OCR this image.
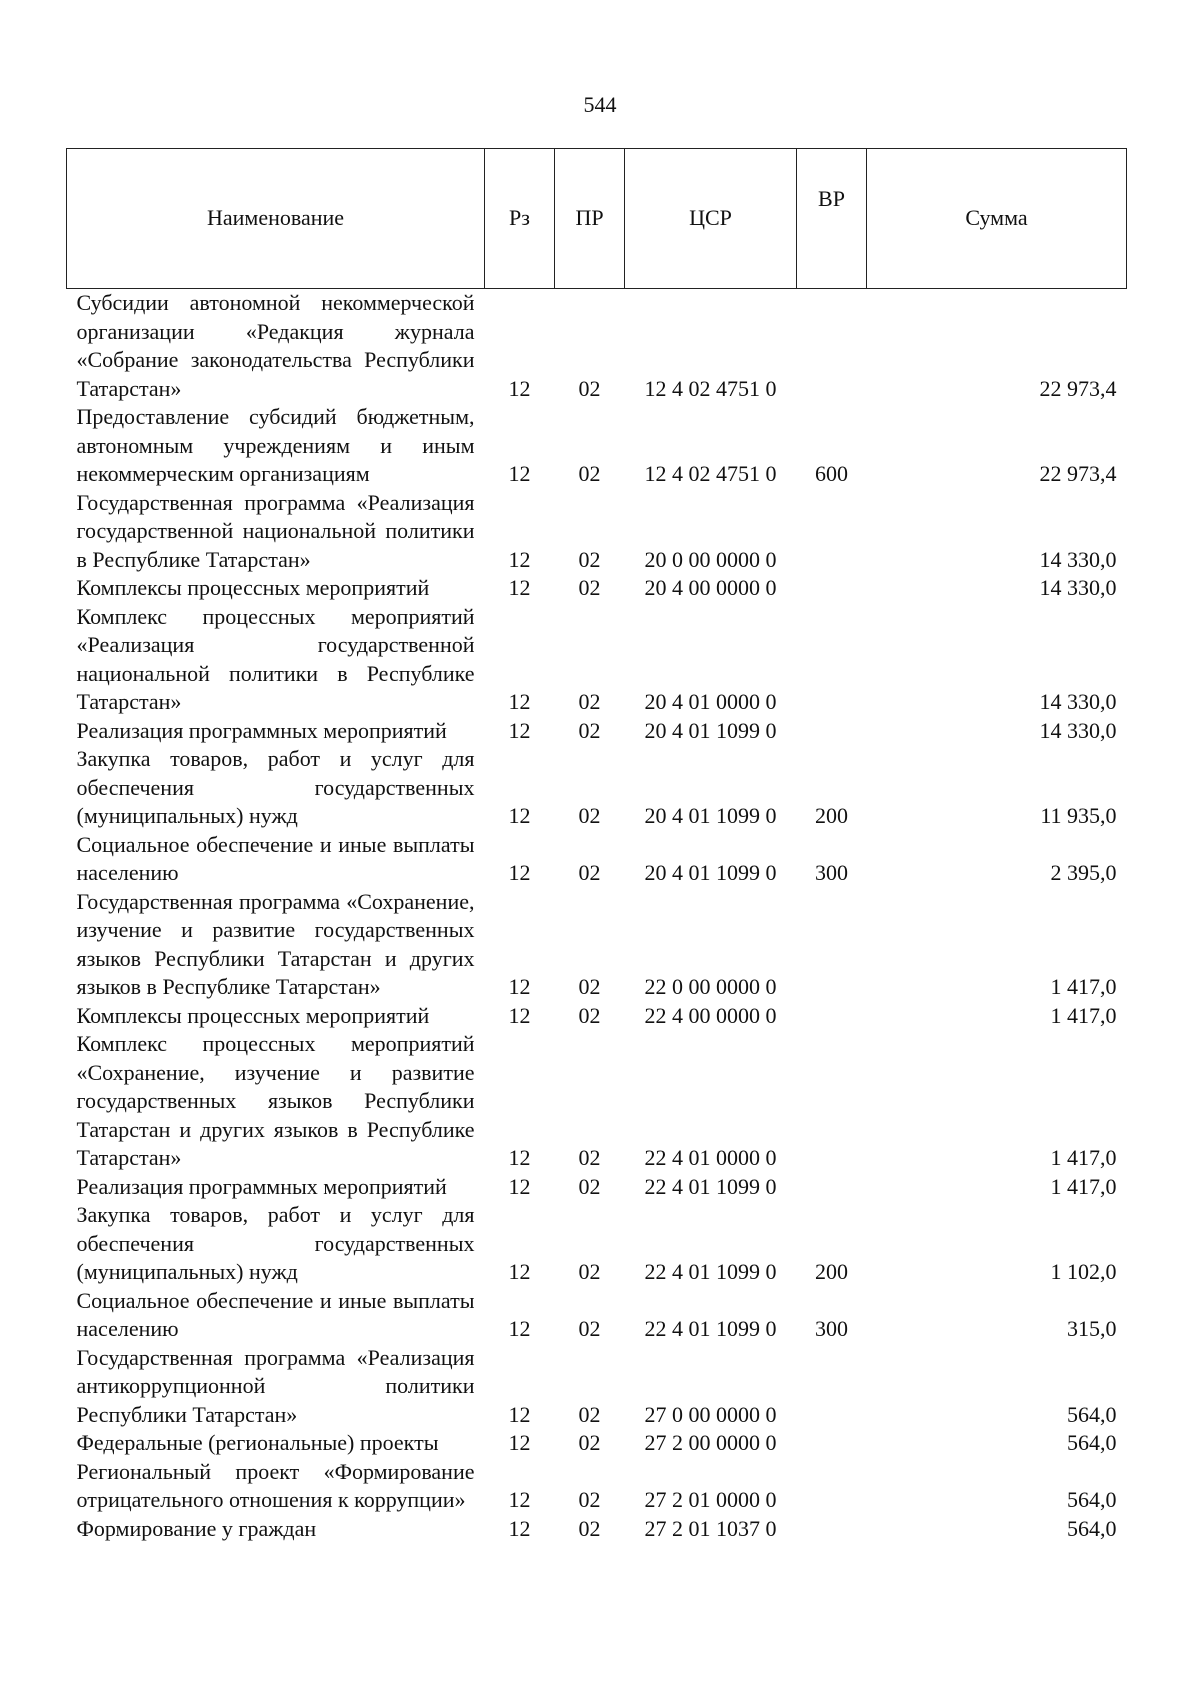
544
Наименование	Рз	ПР	ЦСР	ВР	Сумма
Субсидии автономной некоммерческой организации «Редакция журнала «Собрание законодательства Республики Татарстан»	12	02	12 4 02 4751 0		22 973,4
Предоставление субсидий бюджетным, автономным учреждениям и иным некоммерческим организациям	12	02	12 4 02 4751 0	600	22 973,4
Государственная программа «Реализация государственной национальной политики в Республике Татарстан»	12	02	20 0 00 0000 0		14 330,0
Комплексы процессных мероприятий	12	02	20 4 00 0000 0		14 330,0
Комплекс процессных мероприятий «Реализация государственной национальной политики в Республике Татарстан»	12	02	20 4 01 0000 0		14 330,0
Реализация программных мероприятий	12	02	20 4 01 1099 0		14 330,0
Закупка товаров, работ и услуг для обеспечения государственных (муниципальных) нужд	12	02	20 4 01 1099 0	200	11 935,0
Социальное обеспечение и иные выплаты населению	12	02	20 4 01 1099 0	300	2 395,0
Государственная программа «Сохранение, изучение и развитие государственных языков Республики Татарстан и других языков в Республике Татарстан»	12	02	22 0 00 0000 0		1 417,0
Комплексы процессных мероприятий	12	02	22 4 00 0000 0		1 417,0
Комплекс процессных мероприятий «Сохранение, изучение и развитие государственных языков Республики Татарстан и других языков в Республике Татарстан»	12	02	22 4 01 0000 0		1 417,0
Реализация программных мероприятий	12	02	22 4 01 1099 0		1 417,0
Закупка товаров, работ и услуг для обеспечения государственных (муниципальных) нужд	12	02	22 4 01 1099 0	200	1 102,0
Социальное обеспечение и иные выплаты населению	12	02	22 4 01 1099 0	300	315,0
Государственная программа «Реализация антикоррупционной политики Республики Татарстан»	12	02	27 0 00 0000 0		564,0
Федеральные (региональные) проекты	12	02	27 2 00 0000 0		564,0
Региональный проект «Формирование отрицательного отношения к коррупции»	12	02	27 2 01 0000 0		564,0
Формирование у граждан	12	02	27 2 01 1037 0		564,0
